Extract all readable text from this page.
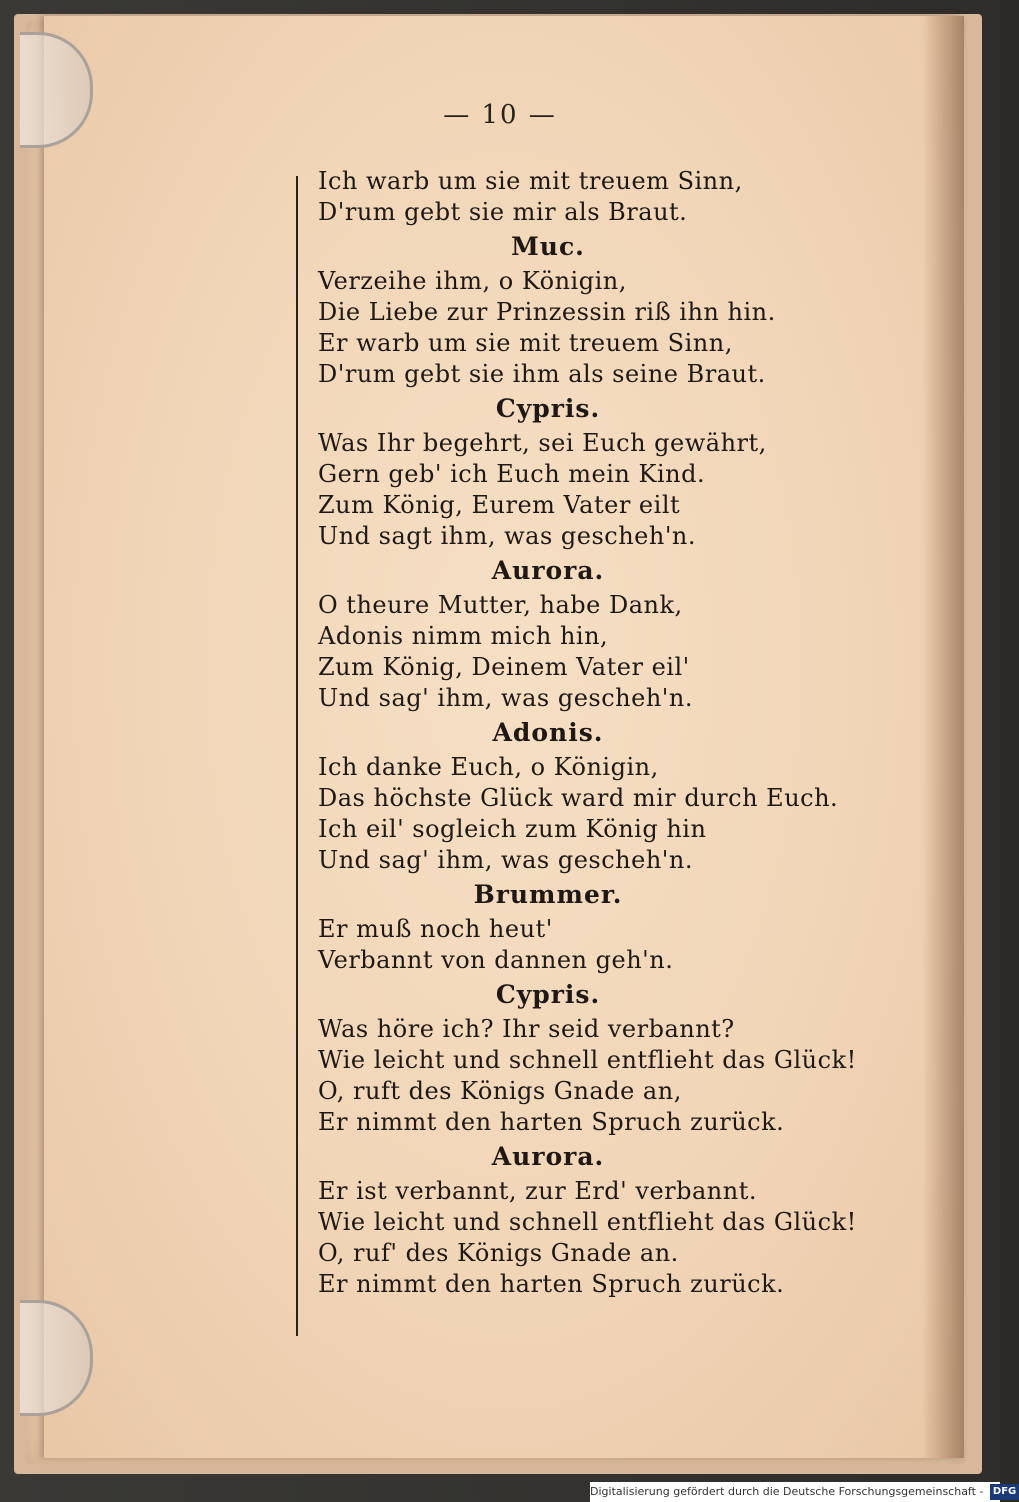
— 10 —
Ich warb um sie mit treuem Sinn,
D'rum gebt sie mir als Braut.
Muc.
Verzeihe ihm, o Königin,
Die Liebe zur Prinzessin riß ihn hin.
Er warb um sie mit treuem Sinn,
D'rum gebt sie ihm als seine Braut.
Cypris.
Was Ihr begehrt, sei Euch gewährt,
Gern geb' ich Euch mein Kind.
Zum König, Eurem Vater eilt
Und sagt ihm, was gescheh'n.
Aurora.
O theure Mutter, habe Dank,
Adonis nimm mich hin,
Zum König, Deinem Vater eil'
Und sag' ihm, was gescheh'n.
Adonis.
Ich danke Euch, o Königin,
Das höchste Glück ward mir durch Euch.
Ich eil' sogleich zum König hin
Und sag' ihm, was gescheh'n.
Brummer.
Er muß noch heut'
Verbannt von dannen geh'n.
Cypris.
Was höre ich? Ihr seid verbannt?
Wie leicht und schnell entflieht das Glück!
O, ruft des Königs Gnade an,
Er nimmt den harten Spruch zurück.
Aurora.
Er ist verbannt, zur Erd' verbannt.
Wie leicht und schnell entflieht das Glück!
O, ruf' des Königs Gnade an.
Er nimmt den harten Spruch zurück.
Digitalisierung gefördert durch die Deutsche Forschungsgemeinschaft - DFG
